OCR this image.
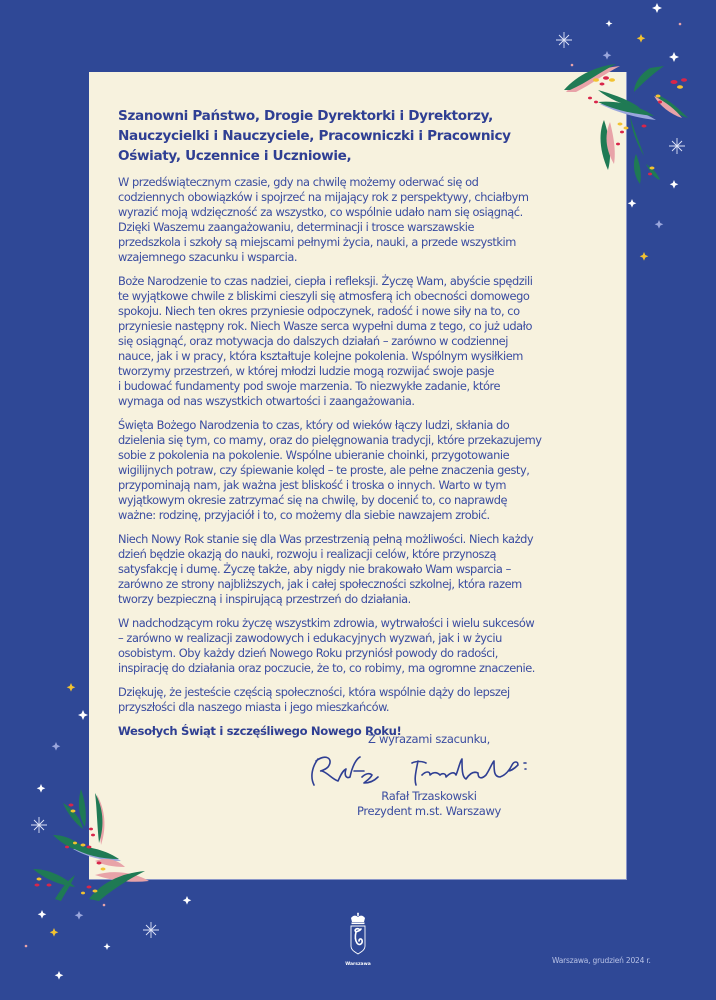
Szanowni Państwo, Drogie Dyrektorki i Dyrektorzy,
Nauczycielki i Nauczyciele, Pracowniczki i Pracownicy
Oświaty, Uczennice i Uczniowie,

W przedświątecznym czasie, gdy na chwilę możemy oderwać się od
codziennych obowiązków i spojrzeć na mijający rok z perspektywy, chciałbym
wyrazić moją wdzięczność za wszystko, co wspólnie udało nam się osiągnąć.
Dzięki Waszemu zaangażowaniu, determinacji i trosce warszawskie
przedszkola i szkoły są miejscami pełnymi życia, nauki, a przede wszystkim
wzajemnego szacunku i wsparcia.

Boże Narodzenie to czas nadziei, ciepła i refleksji. Życzę Wam, abyście spędzili
te wyjątkowe chwile z bliskimi cieszyli się atmosferą ich obecności domowego
spokoju. Niech ten okres przyniesie odpoczynek, radość i nowe siły na to, co
przyniesie następny rok. Niech Wasze serca wypełni duma z tego, co już udało
się osiągnąć, oraz motywacja do dalszych działań – zarówno w codziennej
nauce, jak i w pracy, która kształtuje kolejne pokolenia. Wspólnym wysiłkiem
tworzymy przestrzeń, w której młodzi ludzie mogą rozwijać swoje pasje
i budować fundamenty pod swoje marzenia. To niezwykłe zadanie, które
wymaga od nas wszystkich otwartości i zaangażowania.

Święta Bożego Narodzenia to czas, który od wieków łączy ludzi, skłania do
dzielenia się tym, co mamy, oraz do pielęgnowania tradycji, które przekazujemy
sobie z pokolenia na pokolenie. Wspólne ubieranie choinki, przygotowanie
wigilijnych potraw, czy śpiewanie kolęd – te proste, ale pełne znaczenia gesty,
przypominają nam, jak ważna jest bliskość i troska o innych. Warto w tym
wyjątkowym okresie zatrzymać się na chwilę, by docenić to, co naprawdę
ważne: rodzinę, przyjaciół i to, co możemy dla siebie nawzajem zrobić.

Niech Nowy Rok stanie się dla Was przestrzenią pełną możliwości. Niech każdy
dzień będzie okazją do nauki, rozwoju i realizacji celów, które przynoszą
satysfakcję i dumę. Życzę także, aby nigdy nie brakowało Wam wsparcia –
zarówno ze strony najbliższych, jak i całej społeczności szkolnej, która razem
tworzy bezpieczną i inspirującą przestrzeń do działania.

W nadchodzącym roku życzę wszystkim zdrowia, wytrwałości i wielu sukcesów
– zarówno w realizacji zawodowych i edukacyjnych wyzwań, jak i w życiu
osobistym. Oby każdy dzień Nowego Roku przyniósł powody do radości,
inspirację do działania oraz poczucie, że to, co robimy, ma ogromne znaczenie.

Dziękuję, że jesteście częścią społeczności, która wspólnie dąży do lepszej
przyszłości dla naszego miasta i jego mieszkańców.

Wesołych Świąt i szczęśliwego Nowego Roku!

Z wyrazami szacunku,

Rafał Trzaskowski

Prezydent m.st. Warszawy

Warszawa	Warszawa, grudzień 2024 r.
